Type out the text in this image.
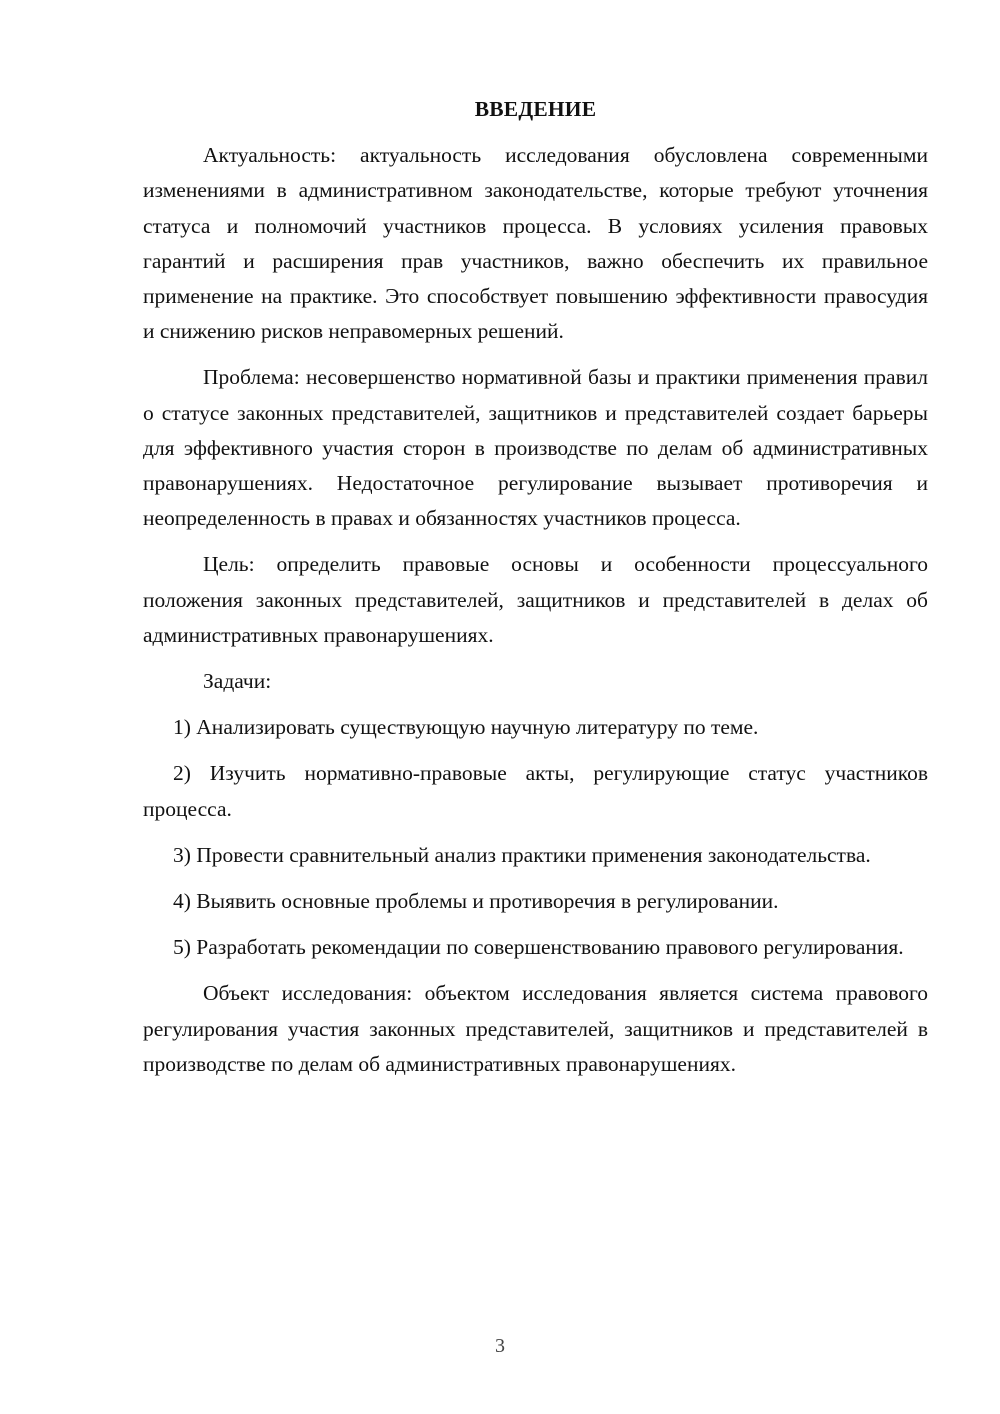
ВВЕДЕНИЕ

Актуальность: актуальность исследования обусловлена современными изменениями в административном законодательстве, которые требуют уточнения статуса и полномочий участников процесса. В условиях усиления правовых гарантий и расширения прав участников, важно обеспечить их правильное применение на практике. Это способствует повышению эффективности правосудия и снижению рисков неправомерных решений.

Проблема: несовершенство нормативной базы и практики применения правил о статусе законных представителей, защитников и представителей создает барьеры для эффективного участия сторон в производстве по делам об административных правонарушениях. Недостаточное регулирование вызывает противоречия и неопределенность в правах и обязанностях участников процесса.

Цель: определить правовые основы и особенности процессуального положения законных представителей, защитников и представителей в делах об административных правонарушениях.

Задачи:

1) Анализировать существующую научную литературу по теме.

2) Изучить нормативно-правовые акты, регулирующие статус участников процесса.

3) Провести сравнительный анализ практики применения законодательства.

4) Выявить основные проблемы и противоречия в регулировании.

5) Разработать рекомендации по совершенствованию правового регулирования.

Объект исследования: объектом исследования является система правового регулирования участия законных представителей, защитников и представителей в производстве по делам об административных правонарушениях.

3
